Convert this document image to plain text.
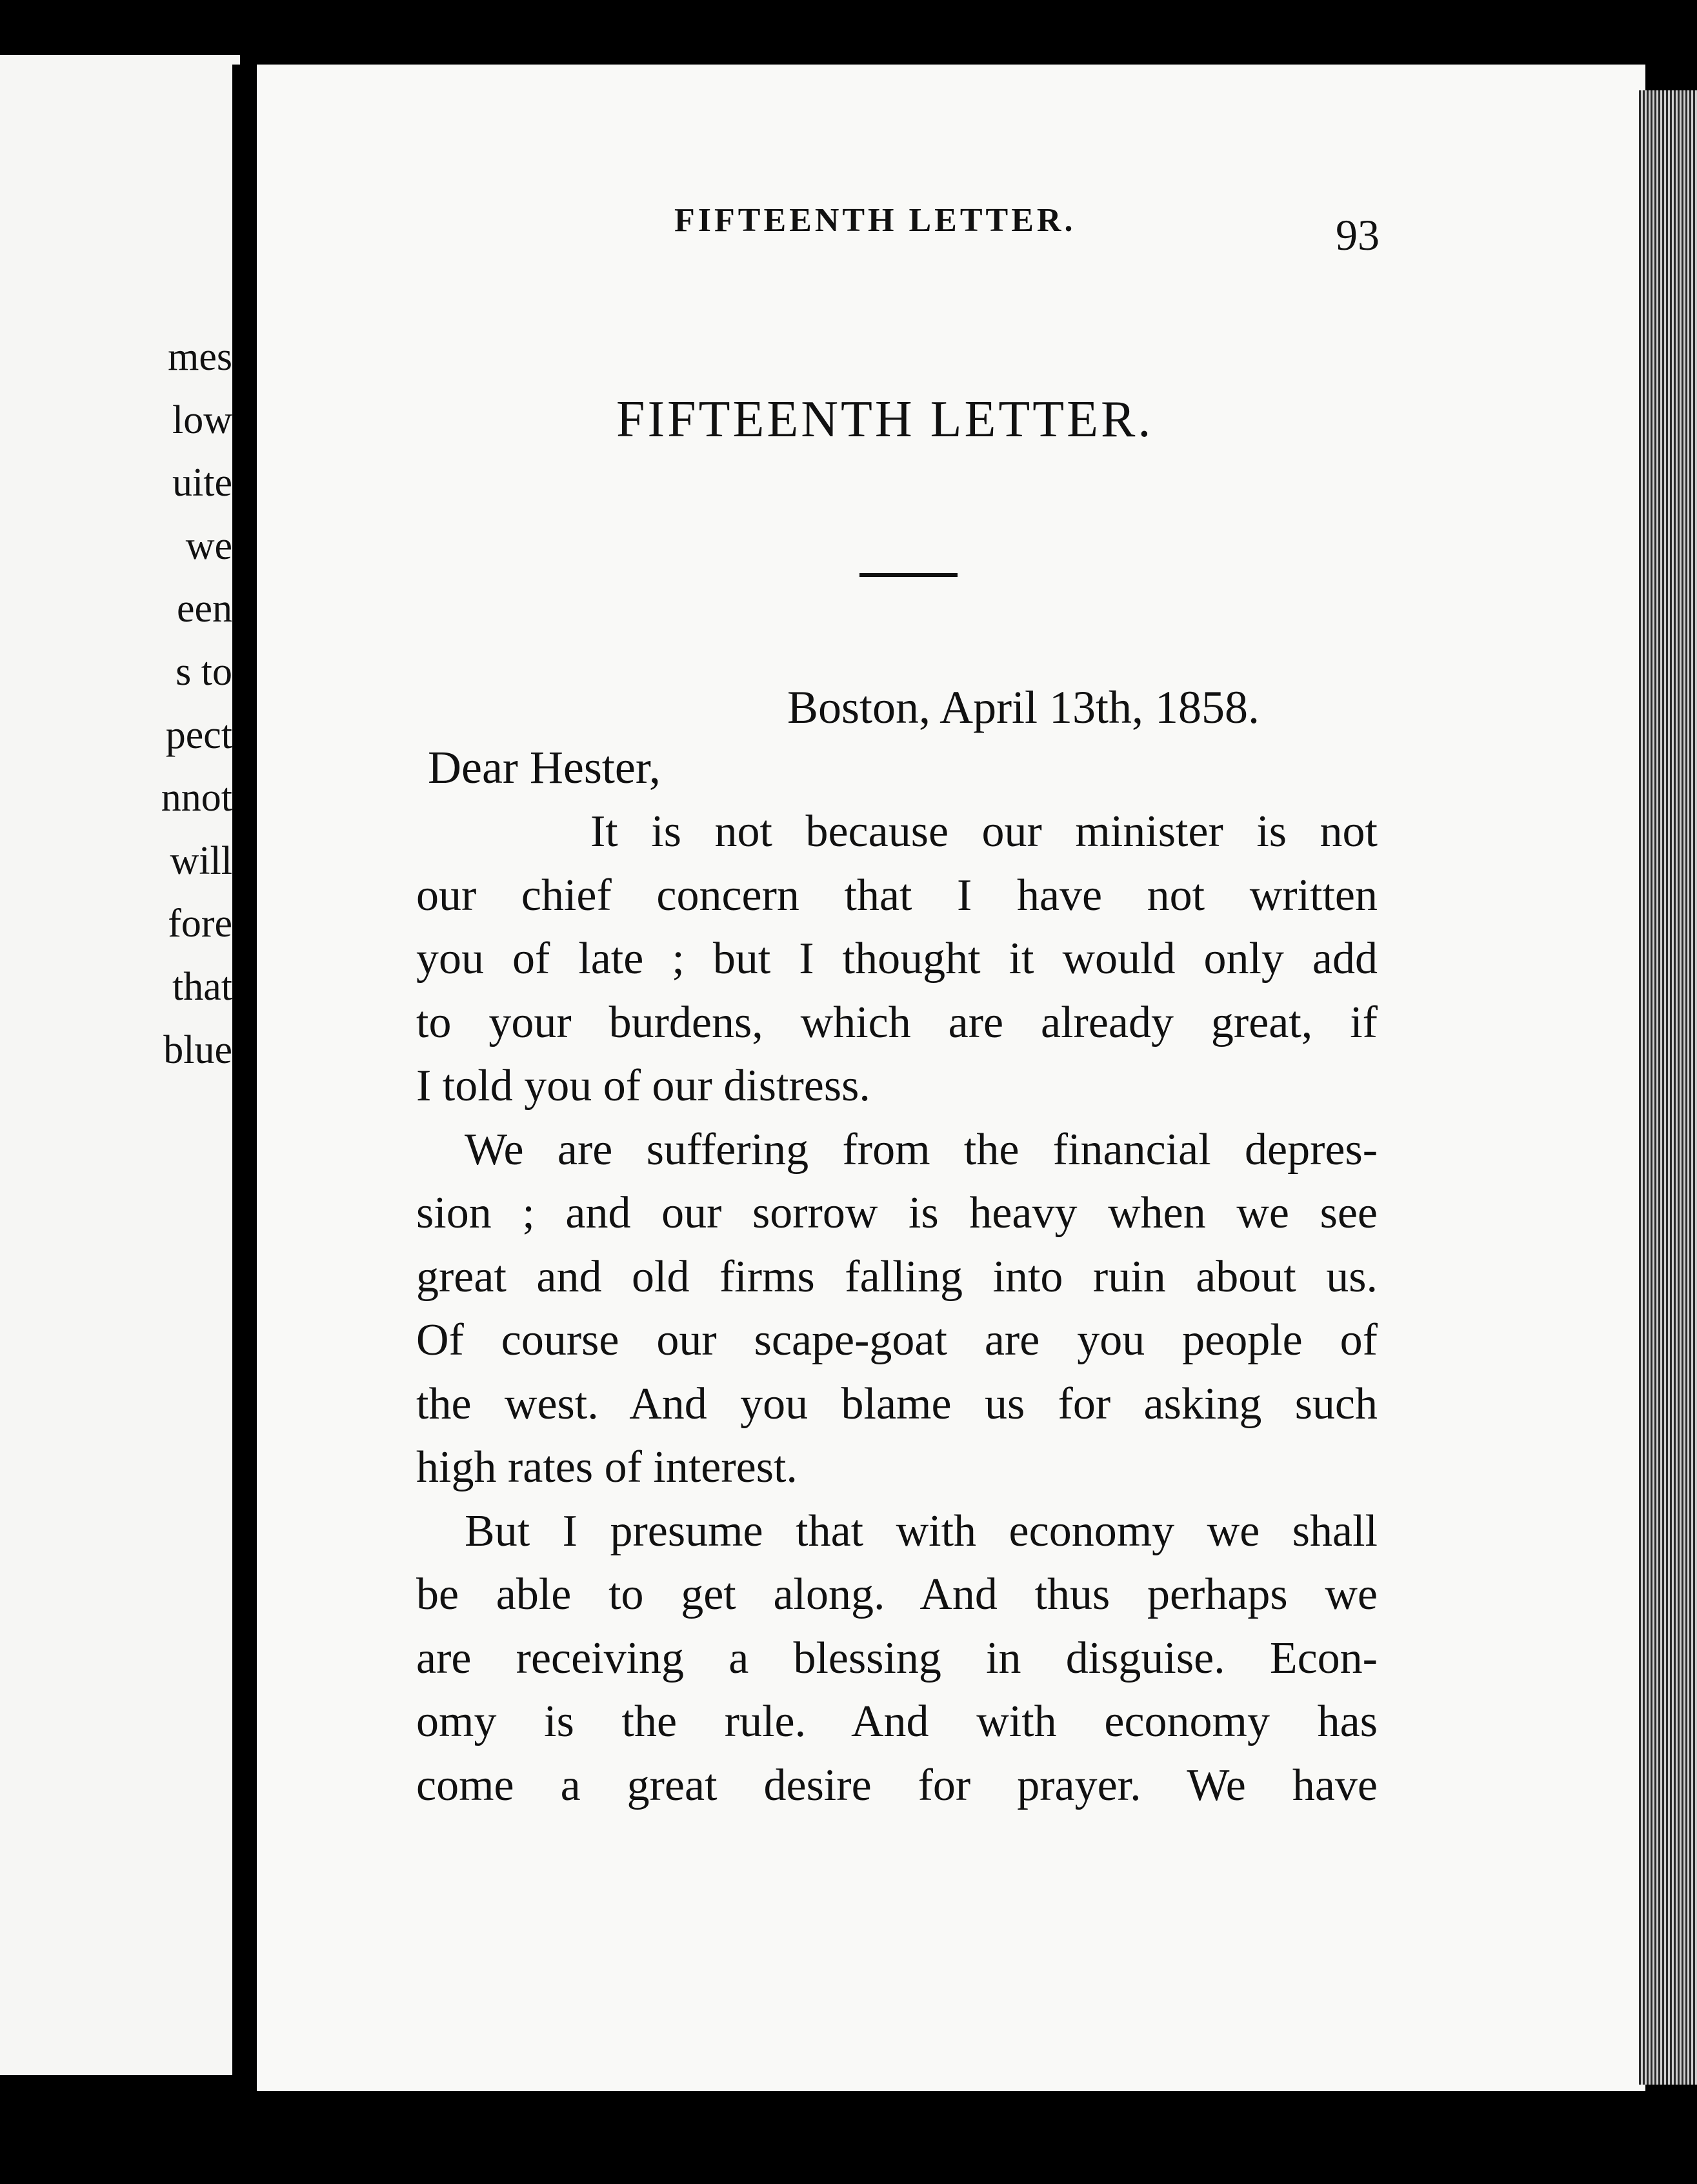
mes
low
uite
we
een
s to
pect
nnot
will
fore
that
blue
FIFTEENTH LETTER.	93
FIFTEENTH LETTER.
Boston, April 13th, 1858.
Dear Hester,
It is not because our minister is not
our chief concern that I have not written
you of late ; but I thought it would only add
to your burdens, which are already great, if
I told you of our distress.
We are suffering from the financial depres-
sion ; and our sorrow is heavy when we see
great and old firms falling into ruin about us.
Of course our scape-goat are you people of
the west. And you blame us for asking such
high rates of interest.
But I presume that with economy we shall
be able to get along. And thus perhaps we
are receiving a blessing in disguise. Econ-
omy is the rule. And with economy has
come a great desire for prayer. We have
